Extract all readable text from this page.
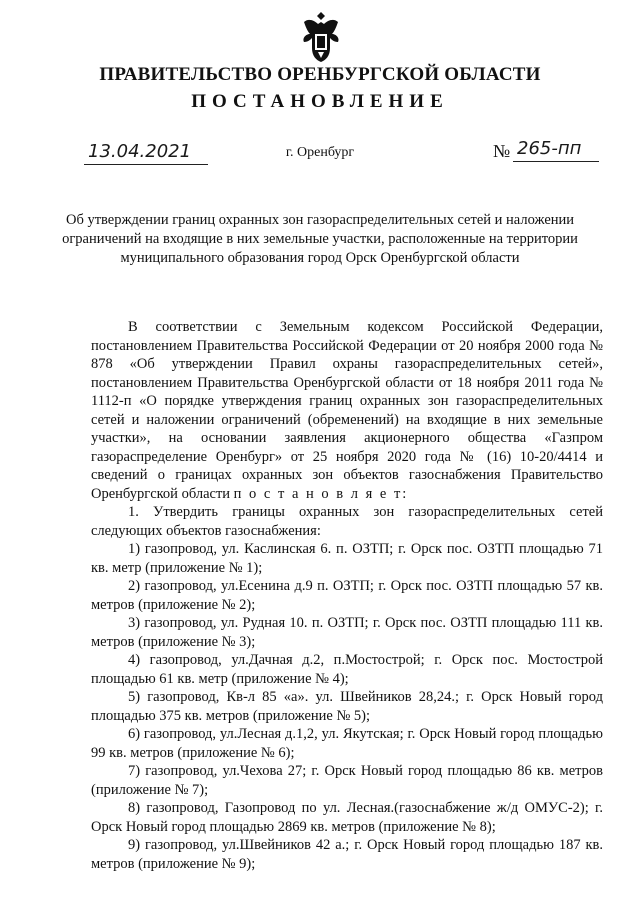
ПРАВИТЕЛЬСТВО ОРЕНБУРГСКОЙ ОБЛАСТИ
ПОСТАНОВЛЕНИЕ
13.04.2021	г. Оренбург	№ 265-пп
Об утверждении границ охранных зон газораспределительных сетей и наложении ограничений на входящие в них земельные участки, расположенные на территории муниципального образования город Орск Оренбургской области

В соответствии с Земельным кодексом Российской Федерации, постановлением Правительства Российской Федерации от 20 ноября 2000 года № 878 «Об утверждении Правил охраны газораспределительных сетей», постановлением Правительства Оренбургской области от 18 ноября 2011 года № 1112-п «О порядке утверждения границ охранных зон газораспределительных сетей и наложении ограничений (обременений) на входящие в них земельные участки», на основании заявления акционерного общества «Газпром газораспределение Оренбург» от 25 ноября 2020 года № (16) 10-20/4414 и сведений о границах охранных зон объектов газоснабжения Правительство Оренбургской области п о с т а н о в л я е т:

1. Утвердить границы охранных зон газораспределительных сетей следующих объектов газоснабжения:

1) газопровод, ул. Каслинская 6. п. ОЗТП; г. Орск пос. ОЗТП площадью 71 кв. метр (приложение № 1);

2) газопровод, ул.Есенина д.9 п. ОЗТП; г. Орск пос. ОЗТП площадью 57 кв. метров (приложение № 2);

3) газопровод, ул. Рудная 10. п. ОЗТП; г. Орск пос. ОЗТП площадью 111 кв. метров (приложение № 3);

4) газопровод, ул.Дачная д.2, п.Мостострой; г. Орск пос. Мостострой площадью 61 кв. метр (приложение № 4);

5) газопровод, Кв-л 85 «а». ул. Швейников 28,24.; г. Орск Новый город площадью 375 кв. метров (приложение № 5);

6) газопровод, ул.Лесная д.1,2, ул. Якутская; г. Орск Новый город площадью 99 кв. метров (приложение № 6);

7) газопровод, ул.Чехова 27; г. Орск Новый город площадью 86 кв. метров (приложение № 7);

8) газопровод, Газопровод по ул. Лесная.(газоснабжение ж/д ОМУС-2); г. Орск Новый город площадью 2869 кв. метров (приложение № 8);

9) газопровод, ул.Швейников 42 а.; г. Орск Новый город площадью 187 кв. метров (приложение № 9);
